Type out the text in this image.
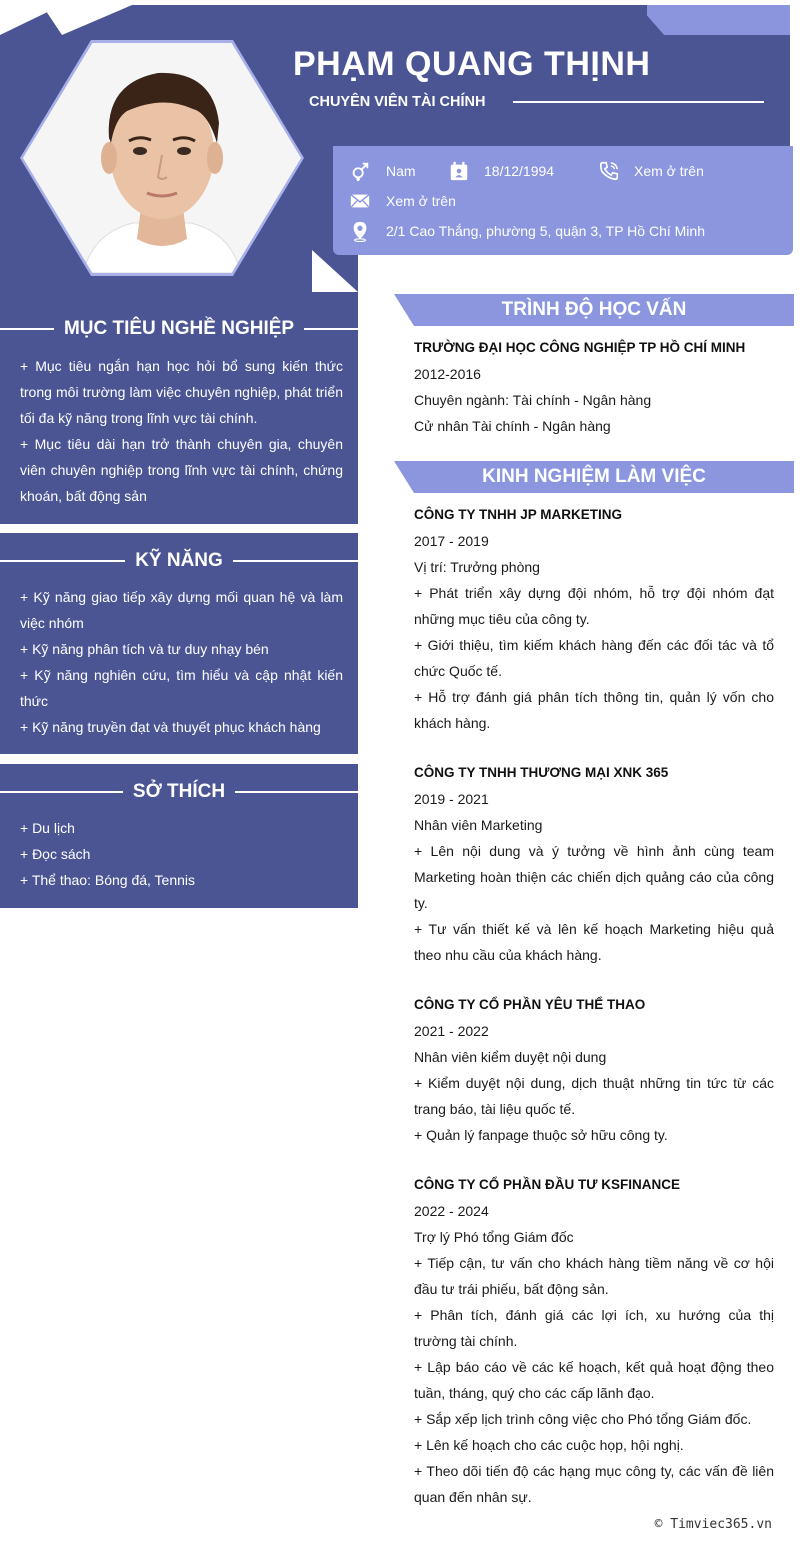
PHẠM QUANG THỊNH
CHUYÊN VIÊN TÀI CHÍNH
Nam	18/12/1994	Xem ở trên
Xem ở trên
2/1 Cao Thắng, phường 5, quận 3, TP Hồ Chí Minh
MỤC TIÊU NGHỀ NGHIỆP

+ Mục tiêu ngắn hạn học hỏi bổ sung kiến thức trong môi trường làm việc chuyên nghiệp, phát triển tối đa kỹ năng trong lĩnh vực tài chính.

+ Mục tiêu dài hạn trở thành chuyên gia, chuyên viên chuyên nghiệp trong lĩnh vực tài chính, chứng khoán, bất động sản

KỸ NĂNG

+ Kỹ năng giao tiếp xây dựng mối quan hệ và làm việc nhóm

+ Kỹ năng phân tích và tư duy nhạy bén

+ Kỹ năng nghiên cứu, tìm hiểu và cập nhật kiến thức

+ Kỹ năng truyền đạt và thuyết phục khách hàng

SỞ THÍCH

+ Du lịch

+ Đọc sách

+ Thể thao: Bóng đá, Tennis

TRÌNH ĐỘ HỌC VẤN

TRƯỜNG ĐẠI HỌC CÔNG NGHIỆP TP HỒ CHÍ MINH

2012-2016

Chuyên ngành: Tài chính - Ngân hàng

Cử nhân Tài chính - Ngân hàng

KINH NGHIỆM LÀM VIỆC

CÔNG TY TNHH JP MARKETING

2017 - 2019

Vị trí: Trưởng phòng

+ Phát triển xây dựng đội nhóm, hỗ trợ đội nhóm đạt những mục tiêu của công ty.

+ Giới thiệu, tìm kiếm khách hàng đến các đối tác và tổ chức Quốc tế.

+ Hỗ trợ đánh giá phân tích thông tin, quản lý vốn cho khách hàng.

CÔNG TY TNHH THƯƠNG MẠI XNK 365

2019 - 2021

Nhân viên Marketing

+ Lên nội dung và ý tưởng về hình ảnh cùng team Marketing hoàn thiện các chiến dịch quảng cáo của công ty.

+ Tư vấn thiết kế và lên kế hoạch Marketing hiệu quả theo nhu cầu của khách hàng.

CÔNG TY CỔ PHẦN YÊU THỂ THAO

2021 - 2022

Nhân viên kiểm duyệt nội dung

+ Kiểm duyệt nội dung, dịch thuật những tin tức từ các trang báo, tài liệu quốc tế.

+ Quản lý fanpage thuộc sở hữu công ty.

CÔNG TY CỔ PHẦN ĐẦU TƯ KSFINANCE

2022 - 2024

Trợ lý Phó tổng Giám đốc

+ Tiếp cận, tư vấn cho khách hàng tiềm năng về cơ hội đầu tư trái phiếu, bất động sản.

+ Phân tích, đánh giá các lợi ích, xu hướng của thị trường tài chính.

+ Lập báo cáo về các kế hoạch, kết quả hoạt động theo tuần, tháng, quý cho các cấp lãnh đạo.

+ Sắp xếp lịch trình công việc cho Phó tổng Giám đốc.

+ Lên kế hoạch cho các cuộc họp, hội nghị.

+ Theo dõi tiến độ các hạng mục công ty, các vấn đề liên quan đến nhân sự.

© Timviec365.vn
